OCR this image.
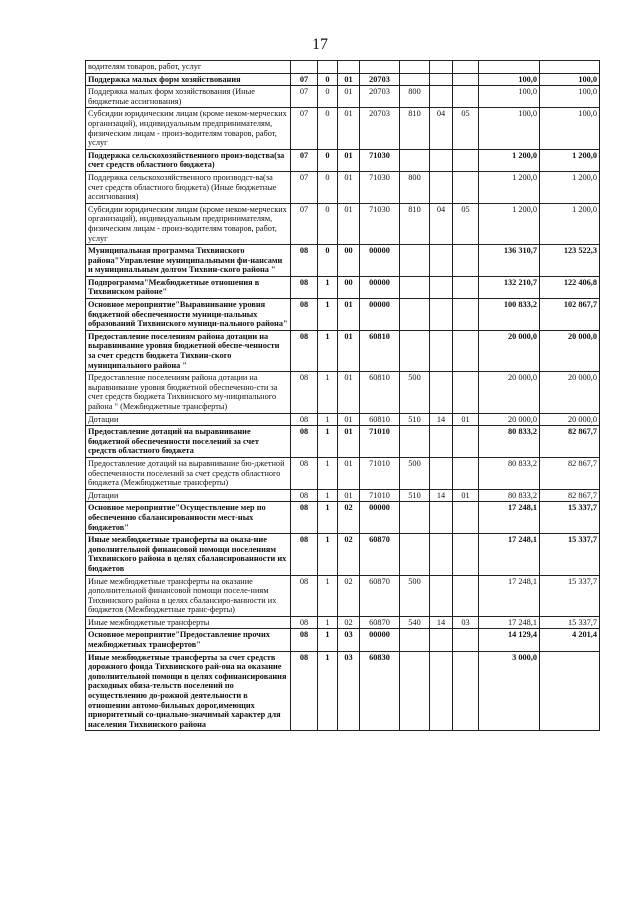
17
водителям товаров, работ, услуг									
Поддержка малых форм хозяйствования	07	0	01	20703				100,0	100,0
Поддержка малых форм хозяйствования (Иные бюджетные ассигнования)	07	0	01	20703	800			100,0	100,0
Субсидии юридическим лицам (кроме неком-мерческих организаций), индивидуальным предпринимателям, физическим лицам - произ-водителям товаров, работ, услуг	07	0	01	20703	810	04	05	100,0	100,0
Поддержка сельскохозяйственного произ-водства(за счет средств областного бюджета)	07	0	01	71030				1 200,0	1 200,0
Поддержка сельскохозяйственного производст-ва(за счет средств областного бюджета) (Иные бюджетные ассигнования)	07	0	01	71030	800			1 200,0	1 200,0
Субсидии юридическим лицам (кроме неком-мерческих организаций), индивидуальным предпринимателям, физическим лицам - произ-водителям товаров, работ, услуг	07	0	01	71030	810	04	05	1 200,0	1 200,0
Муниципальная программа Тихвинского района"Управление муниципальными фи-нансами и муниципальным долгом Тихвин-ского района "	08	0	00	00000				136 310,7	123 522,3
Подпрограмма"Межбюджетные отношения в Тихвинском районе"	08	1	00	00000				132 210,7	122 406,8
Основное мероприятие"Выравнивание уровня бюджетной обеспеченности муници-пальных образований Тихвинского муници-пального района"	08	1	01	00000				100 833,2	102 867,7
Предоставление поселениям района дотации на выравнивание уровня бюджетной обеспе-ченности за счет средств бюджета Тихвин-ского муниципального района "	08	1	01	60810				20 000,0	20 000,0
Предоставление поселениям района дотации на выравнивание уровня бюджетной обеспеченно-сти за счет средств бюджета Тихвинского му-ниципального района " (Межбюджетные трансферты)	08	1	01	60810	500			20 000,0	20 000,0
Дотации	08	1	01	60810	510	14	01	20 000,0	20 000,0
Предоставление дотаций на выравнивание бюджетной обеспеченности поселений за счет средств областного бюджета	08	1	01	71010				80 833,2	82 867,7
Предоставление дотаций на выравнивание бю-джетной обеспеченности поселений за счет средств областного бюджета (Межбюджетные трансферты)	08	1	01	71010	500			80 833,2	82 867,7
Дотации	08	1	01	71010	510	14	01	80 833,2	82 867,7
Основное мероприятие"Осуществление мер по обеспечению сбалансированности мест-ных бюджетов"	08	1	02	00000				17 248,1	15 337,7
Иные межбюджетные трансферты на оказа-ние дополнительной финансовой помощи поселениям Тихвинского района в целях сбалансированности их бюджетов	08	1	02	60870				17 248,1	15 337,7
Иные межбюджетные трансферты на оказание дополнительной финансовой помощи поселе-ниям Тихвинского района в целях сбалансиро-ванности их бюджетов (Межбюджетные транс-ферты)	08	1	02	60870	500			17 248,1	15 337,7
Иные межбюджетные трансферты	08	1	02	60870	540	14	03	17 248,1	15 337,7
Основное мероприятие"Предоставление прочих межбюджетных трансфертов"	08	1	03	00000				14 129,4	4 201,4
Иные межбюджетные трансферты за счет средств дорожного фонда Тихвинского рай-она на оказание дополнительной помощи в целях софинансирования расходных обяза-тельств поселений по осуществлению до-рожной деятельности в отношении автомо-бильных дорог,имеющих приоритетный со-циально-значимый характер для населения Тихвинского района	08	1	03	60830				3 000,0	
